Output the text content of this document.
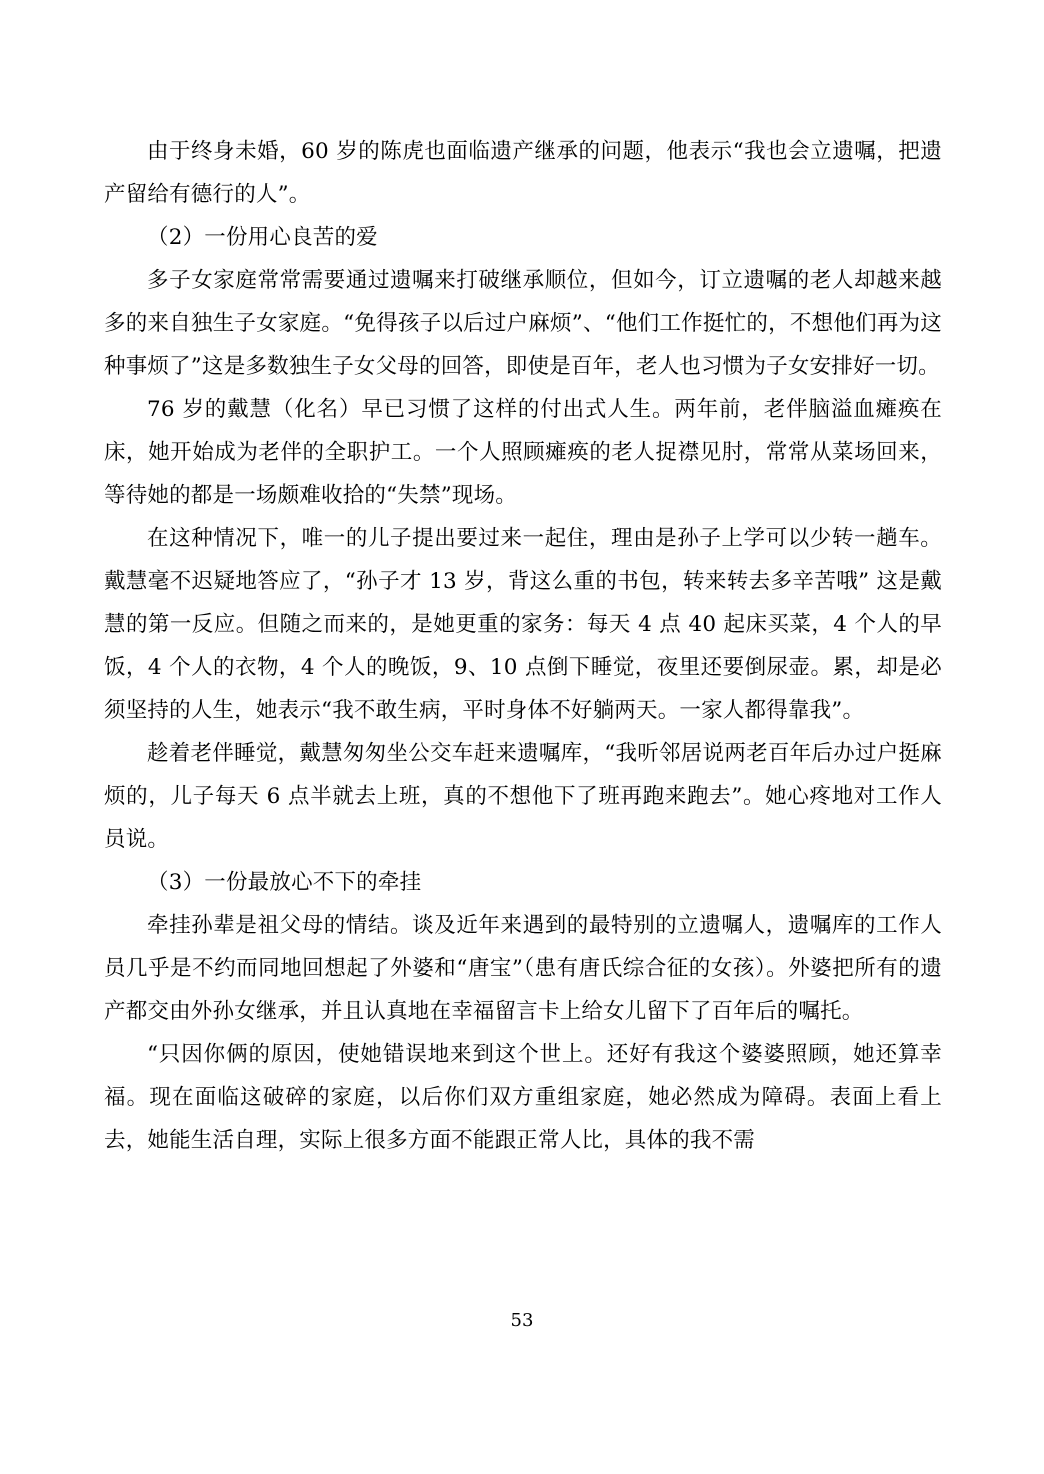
由于终身未婚，60 岁的陈虎也面临遗产继承的问题，他表示“我也会立遗嘱，把遗产留给有德行的人”。

（2）一份用心良苦的爱

多子女家庭常常需要通过遗嘱来打破继承顺位，但如今，订立遗嘱的老人却越来越多的来自独生子女家庭。“免得孩子以后过户麻烦”、“他们工作挺忙的，不想他们再为这种事烦了”这是多数独生子女父母的回答，即使是百年，老人也习惯为子女安排好一切。

76 岁的戴慧（化名）早已习惯了这样的付出式人生。两年前，老伴脑溢血瘫痪在床，她开始成为老伴的全职护工。一个人照顾瘫痪的老人捉襟见肘，常常从菜场回来，等待她的都是一场颇难收拾的“失禁”现场。

在这种情况下，唯一的儿子提出要过来一起住，理由是孙子上学可以少转一趟车。戴慧毫不迟疑地答应了，“孙子才 13 岁，背这么重的书包，转来转去多辛苦哦” 这是戴慧的第一反应。但随之而来的，是她更重的家务：每天 4 点 40 起床买菜，4 个人的早饭，4 个人的衣物，4 个人的晚饭，9、10 点倒下睡觉，夜里还要倒尿壶。累，却是必须坚持的人生，她表示“我不敢生病，平时身体不好躺两天。一家人都得靠我”。

趁着老伴睡觉，戴慧匆匆坐公交车赶来遗嘱库，“我听邻居说两老百年后办过户挺麻烦的，儿子每天 6 点半就去上班，真的不想他下了班再跑来跑去”。她心疼地对工作人员说。

（3）一份最放心不下的牵挂

牵挂孙辈是祖父母的情结。谈及近年来遇到的最特别的立遗嘱人，遗嘱库的工作人员几乎是不约而同地回想起了外婆和“唐宝”（患有唐氏综合征的女孩）。外婆把所有的遗产都交由外孙女继承，并且认真地在幸福留言卡上给女儿留下了百年后的嘱托。

“只因你俩的原因，使她错误地来到这个世上。还好有我这个婆婆照顾，她还算幸福。现在面临这破碎的家庭，以后你们双方重组家庭，她必然成为障碍。表面上看上去，她能生活自理，实际上很多方面不能跟正常人比，具体的我不需

53
